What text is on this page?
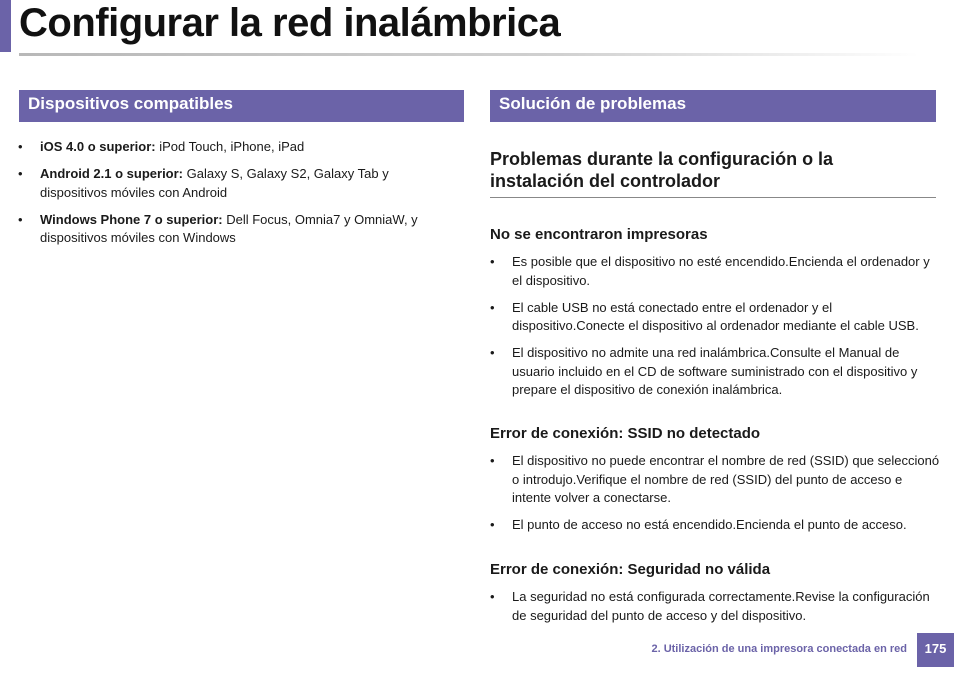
Configurar la red inalámbrica
Dispositivos compatibles
• iOS 4.0 o superior: iPod Touch, iPhone, iPad
• Android 2.1 o superior: Galaxy S, Galaxy S2, Galaxy Tab y dispositivos móviles con Android
• Windows Phone 7 o superior: Dell Focus, Omnia7 y OmniaW, y dispositivos móviles con Windows
Solución de problemas
Problemas durante la configuración o la instalación del controlador
No se encontraron impresoras
• Es posible que el dispositivo no esté encendido.Encienda el ordenador y el dispositivo.
• El cable USB no está conectado entre el ordenador y el dispositivo.Conecte el dispositivo al ordenador mediante el cable USB.
• El dispositivo no admite una red inalámbrica.Consulte el Manual de usuario incluido en el CD de software suministrado con el dispositivo y prepare el dispositivo de conexión inalámbrica.
Error de conexión: SSID no detectado
• El dispositivo no puede encontrar el nombre de red (SSID) que seleccionó o introdujo.Verifique el nombre de red (SSID) del punto de acceso e intente volver a conectarse.
• El punto de acceso no está encendido.Encienda el punto de acceso.
Error de conexión: Seguridad no válida
• La seguridad no está configurada correctamente.Revise la configuración de seguridad del punto de acceso y del dispositivo.
2. Utilización de una impresora conectada en red	175
